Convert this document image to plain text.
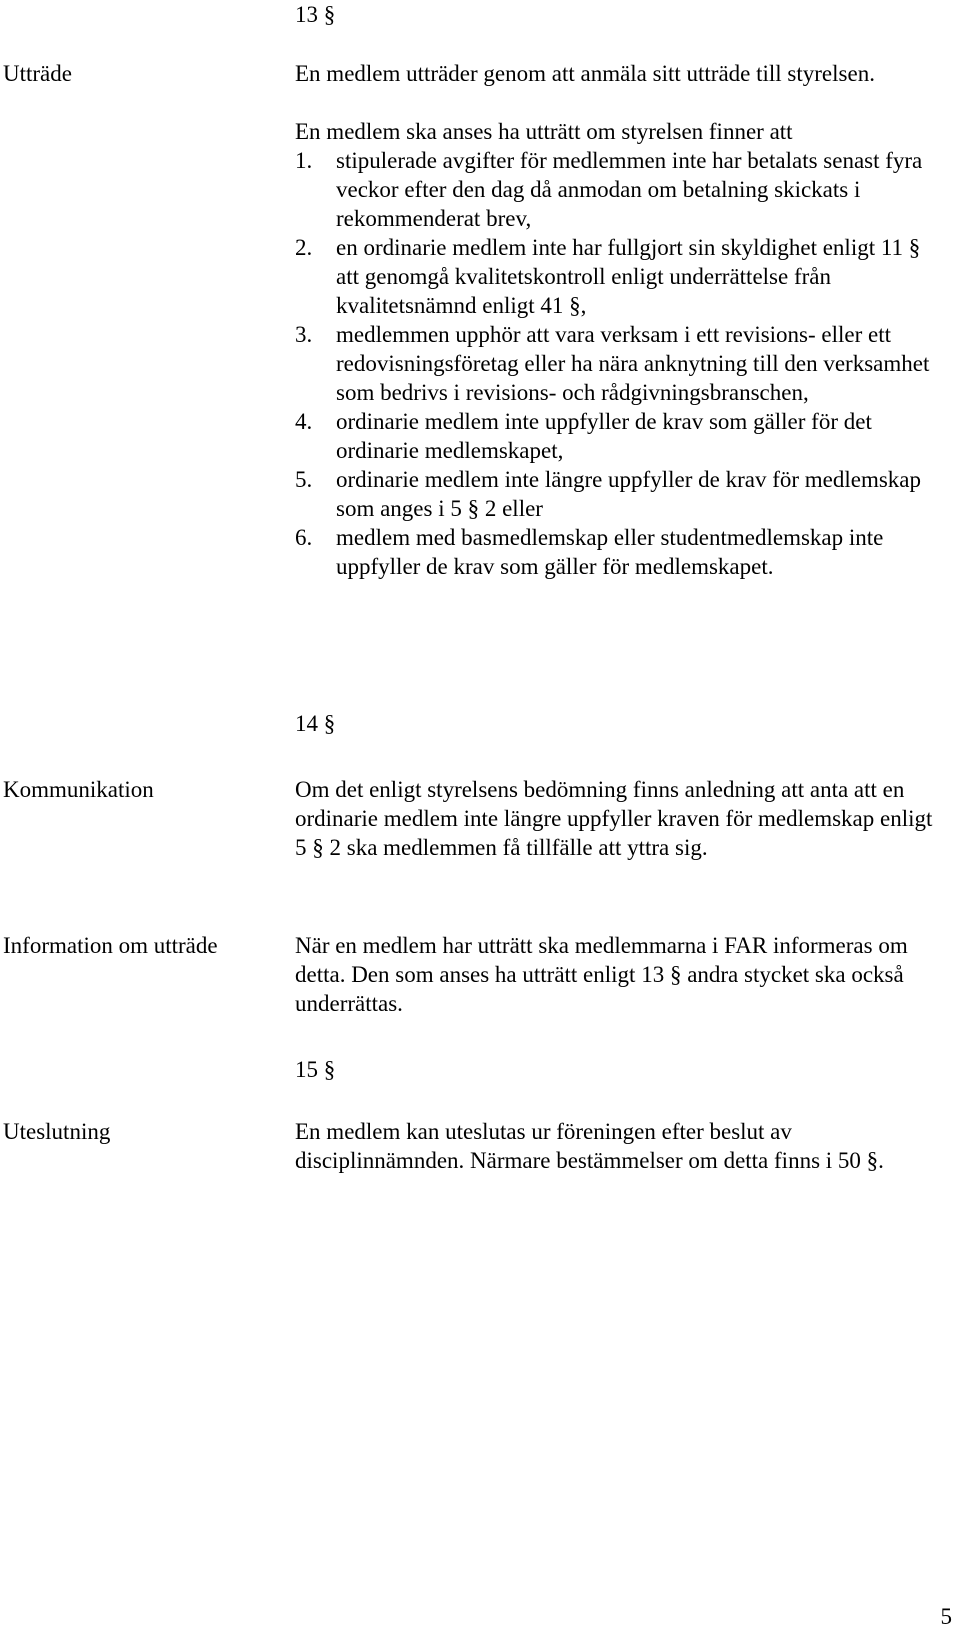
13 §
Utträde	En medlem utträder genom att anmäla sitt utträde till styrelsen.

En medlem ska anses ha utträtt om styrelsen finner att

1. stipulerade avgifter för medlemmen inte har betalats senast fyra veckor efter den dag då anmodan om betalning skickats i rekommenderat brev,
2. en ordinarie medlem inte har fullgjort sin skyldighet enligt 11 § att genomgå kvalitetskontroll enligt underrättelse från kvalitetsnämnd enligt 41 §,
3. medlemmen upphör att vara verksam i ett revisions- eller ett redovisningsföretag eller ha nära anknytning till den verksamhet som bedrivs i revisions- och rådgivningsbranschen,
4. ordinarie medlem inte uppfyller de krav som gäller för det ordinarie medlemskapet,
5. ordinarie medlem inte längre uppfyller de krav för medlemskap som anges i 5 § 2 eller
6. medlem med basmedlemskap eller studentmedlemskap inte uppfyller de krav som gäller för medlemskapet.
14 §
Kommunikation	Om det enligt styrelsens bedömning finns anledning att anta att en ordinarie medlem inte längre uppfyller kraven för medlemskap enligt 5 § 2 ska medlemmen få tillfälle att yttra sig.
Information om utträde	När en medlem har utträtt ska medlemmarna i FAR informeras om detta. Den som anses ha utträtt enligt 13 § andra stycket ska också underrättas.
15 §
Uteslutning	En medlem kan uteslutas ur föreningen efter beslut av disciplinnämnden. Närmare bestämmelser om detta finns i 50 §.
5
